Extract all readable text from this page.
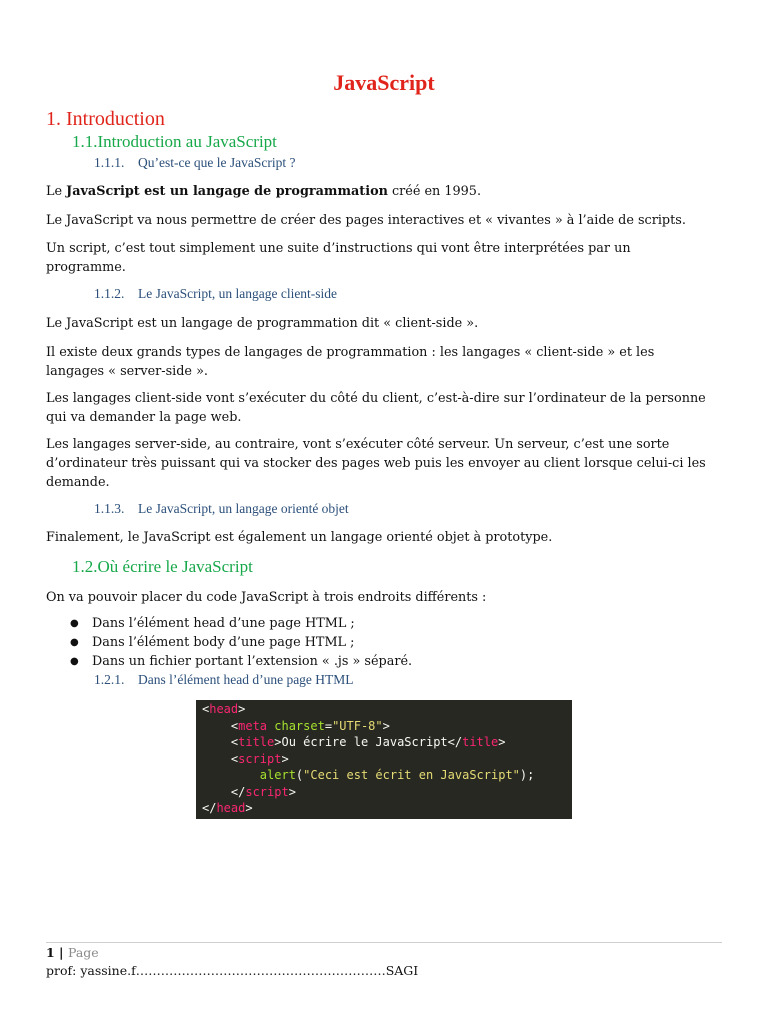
JavaScript
1. Introduction
1.1.Introduction au JavaScript
1.1.1. Qu’est-ce que le JavaScript ?
Le JavaScript est un langage de programmation créé en 1995.
Le JavaScript va nous permettre de créer des pages interactives et « vivantes » à l’aide de scripts.
Un script, c’est tout simplement une suite d’instructions qui vont être interprétées par un programme.
1.1.2. Le JavaScript, un langage client-side
Le JavaScript est un langage de programmation dit « client-side ».
Il existe deux grands types de langages de programmation : les langages « client-side » et les langages « server-side ».
Les langages client-side vont s’exécuter du côté du client, c’est-à-dire sur l’ordinateur de la personne qui va demander la page web.
Les langages server-side, au contraire, vont s’exécuter côté serveur. Un serveur, c’est une sorte d’ordinateur très puissant qui va stocker des pages web puis les envoyer au client lorsque celui-ci les demande.
1.1.3. Le JavaScript, un langage orienté objet
Finalement, le JavaScript est également un langage orienté objet à prototype.
1.2.Où écrire le JavaScript
On va pouvoir placer du code JavaScript à trois endroits différents :
● Dans l’élément head d’une page HTML ;
● Dans l’élément body d’une page HTML ;
● Dans un fichier portant l’extension « .js » séparé.
1.2.1. Dans l’élément head d’une page HTML
<head>
<meta charset="UTF-8">
<title>Ou écrire le JavaScript</title>
<script>
alert("Ceci est écrit en JavaScript");
</script>
</head>
1 | Page
prof: yassine.f……………………………………………………SAGI
